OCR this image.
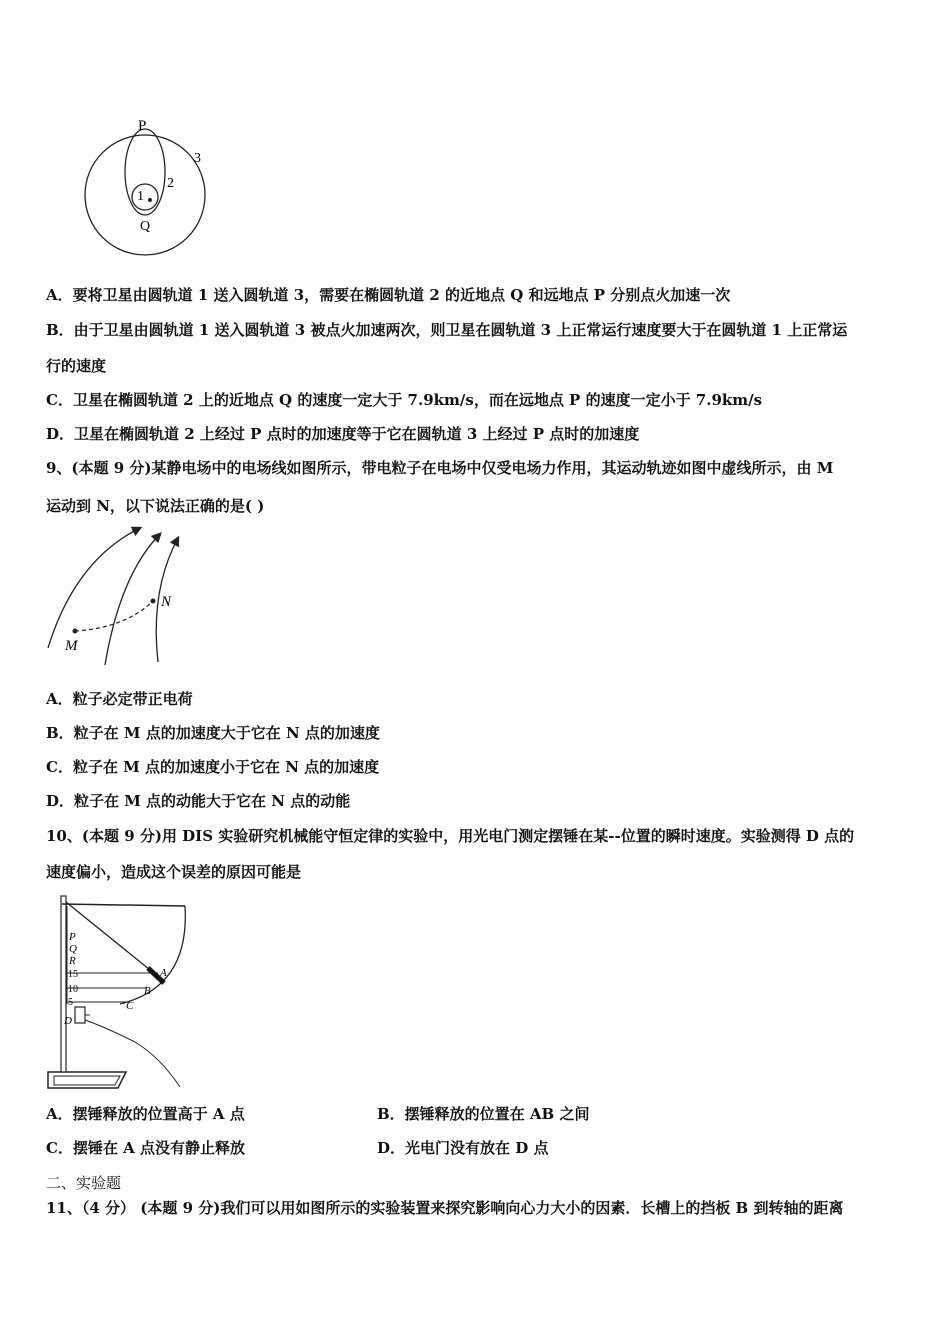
P
Q
1
2
3
A．要将卫星由圆轨道 1 送入圆轨道 3，需要在椭圆轨道 2 的近地点 Q 和远地点 P 分别点火加速一次
B．由于卫星由圆轨道 1 送入圆轨道 3 被点火加速两次，则卫星在圆轨道 3 上正常运行速度要大于在圆轨道 1 上正常运
行的速度
C．卫星在椭圆轨道 2 上的近地点 Q 的速度一定大于 7.9km/s，而在远地点 P 的速度一定小于 7.9km/s
D．卫星在椭圆轨道 2 上经过 P 点时的加速度等于它在圆轨道 3 上经过 P 点时的加速度
9、(本题 9 分)某静电场中的电场线如图所示，带电粒子在电场中仅受电场力作用，其运动轨迹如图中虚线所示，由 M
运动到 N，以下说法正确的是( )
M
N
A．粒子必定带正电荷
B．粒子在 M 点的加速度大于它在 N 点的加速度
C．粒子在 M 点的加速度小于它在 N 点的加速度
D．粒子在 M 点的动能大于它在 N 点的动能
10、(本题 9 分)用 DIS 实验研究机械能守恒定律的实验中，用光电门测定摆锤在某--位置的瞬时速度。实验测得 D 点的
速度偏小，造成这个误差的原因可能是
P
Q
R
15
10
5
D
A
B
C
A．摆锤释放的位置高于 A 点	B．摆锤释放的位置在 AB 之间
C．摆锤在 A 点没有静止释放	D．光电门没有放在 D 点
二、实验题
11、（4 分） (本题 9 分)我们可以用如图所示的实验装置来探究影响向心力大小的因素．长槽上的挡板 B 到转轴的距离
